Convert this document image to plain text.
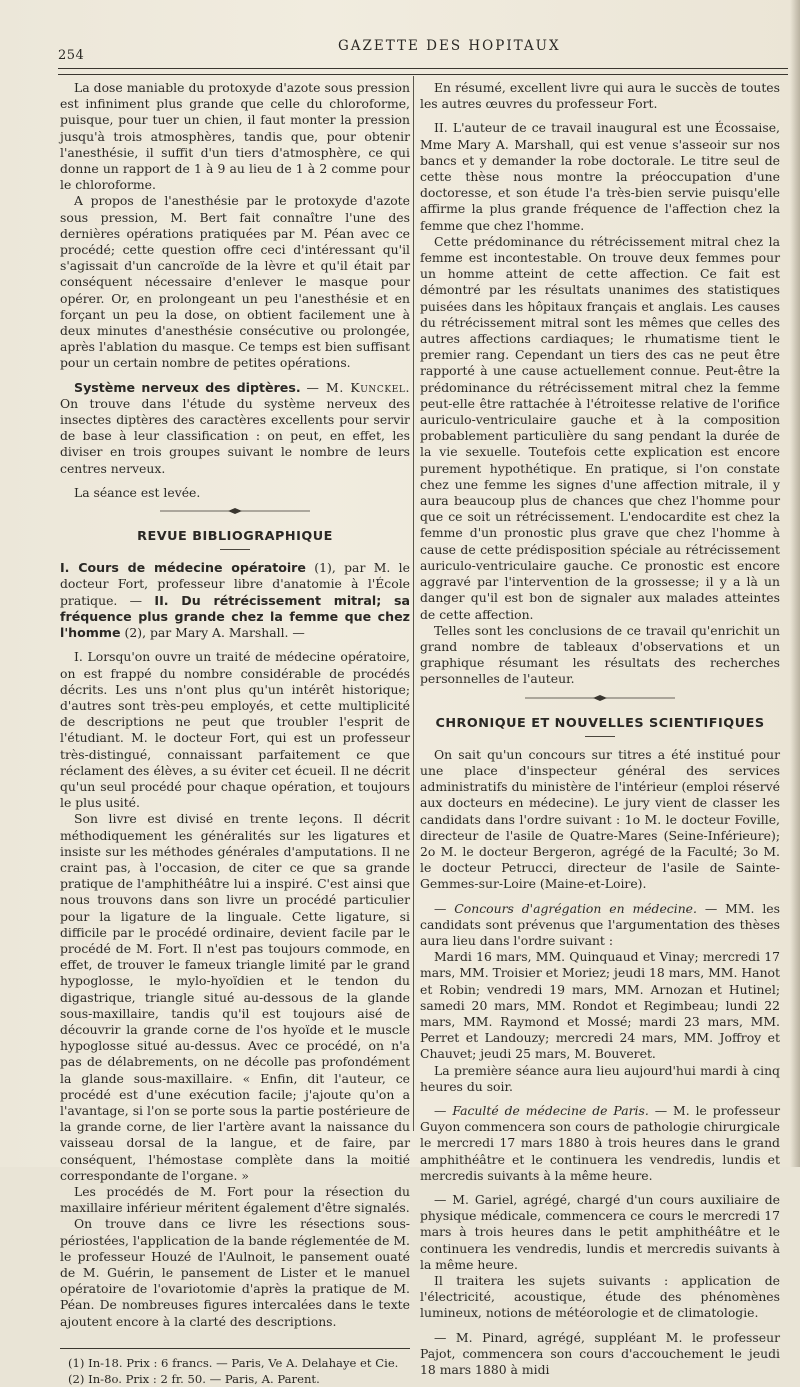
254
GAZETTE DES HOPITAUX

La dose maniable du protoxyde d'azote sous pression est infiniment plus grande que celle du chloroforme, puisque, pour tuer un chien, il faut monter la pression jusqu'à trois atmosphères, tandis que, pour obtenir l'anesthésie, il suffit d'un tiers d'atmosphère, ce qui donne un rapport de 1 à 9 au lieu de 1 à 2 comme pour le chloroforme.

A propos de l'anesthésie par le protoxyde d'azote sous pression, M. Bert fait connaître l'une des dernières opérations pratiquées par M. Péan avec ce procédé; cette question offre ceci d'intéressant qu'il s'agissait d'un cancroïde de la lèvre et qu'il était par conséquent nécessaire d'enlever le masque pour opérer. Or, en prolongeant un peu l'anesthésie et en forçant un peu la dose, on obtient facilement une à deux minutes d'anesthésie consécutive ou prolongée, après l'ablation du masque. Ce temps est bien suffisant pour un certain nombre de petites opérations.

Système nerveux des diptères. — M. Kunckel. On trouve dans l'étude du système nerveux des insectes diptères des caractères excellents pour servir de base à leur classification : on peut, en effet, les diviser en trois groupes suivant le nombre de leurs centres nerveux.

La séance est levée.

REVUE BIBLIOGRAPHIQUE

I. Cours de médecine opératoire (1), par M. le docteur Fort, professeur libre d'anatomie à l'École pratique. — II. Du rétrécissement mitral; sa fréquence plus grande chez la femme que chez l'homme (2), par Mary A. Marshall. —

I. Lorsqu'on ouvre un traité de médecine opératoire, on est frappé du nombre considérable de procédés décrits. Les uns n'ont plus qu'un intérêt historique; d'autres sont très-peu employés, et cette multiplicité de descriptions ne peut que troubler l'esprit de l'étudiant. M. le docteur Fort, qui est un professeur très-distingué, connaissant parfaitement ce que réclament des élèves, a su éviter cet écueil. Il ne décrit qu'un seul procédé pour chaque opération, et toujours le plus usité.

Son livre est divisé en trente leçons. Il décrit méthodiquement les généralités sur les ligatures et insiste sur les méthodes générales d'amputations. Il ne craint pas, à l'occasion, de citer ce que sa grande pratique de l'amphithéâtre lui a inspiré. C'est ainsi que nous trouvons dans son livre un procédé particulier pour la ligature de la linguale. Cette ligature, si difficile par le procédé ordinaire, devient facile par le procédé de M. Fort. Il n'est pas toujours commode, en effet, de trouver le fameux triangle limité par le grand hypoglosse, le mylo-hyoïdien et le tendon du digastrique, triangle situé au-dessous de la glande sous-maxillaire, tandis qu'il est toujours aisé de découvrir la grande corne de l'os hyoïde et le muscle hypoglosse situé au-dessus. Avec ce procédé, on n'a pas de délabrements, on ne décolle pas profondément la glande sous-maxillaire. « Enfin, dit l'auteur, ce procédé est d'une exécution facile; j'ajoute qu'on a l'avantage, si l'on se porte sous la partie postérieure de la grande corne, de lier l'artère avant la naissance du vaisseau dorsal de la langue, et de faire, par conséquent, l'hémostase complète dans la moitié correspondante de l'organe. »

Les procédés de M. Fort pour la résection du maxillaire inférieur méritent également d'être signalés.

On trouve dans ce livre les résections sous-périostées, l'application de la bande réglementée de M. le professeur Houzé de l'Aulnoit, le pansement ouaté de M. Guérin, le pansement de Lister et le manuel opératoire de l'ovariotomie d'après la pratique de M. Péan. De nombreuses figures intercalées dans le texte ajoutent encore à la clarté des descriptions.

(1) In-18. Prix : 6 francs. — Paris, Ve A. Delahaye et Cie.

(2) In-8o. Prix : 2 fr. 50. — Paris, A. Parent.

En résumé, excellent livre qui aura le succès de toutes les autres œuvres du professeur Fort.

II. L'auteur de ce travail inaugural est une Écossaise, Mme Mary A. Marshall, qui est venue s'asseoir sur nos bancs et y demander la robe doctorale. Le titre seul de cette thèse nous montre la préoccupation d'une doctoresse, et son étude l'a très-bien servie puisqu'elle affirme la plus grande fréquence de l'affection chez la femme que chez l'homme.

Cette prédominance du rétrécissement mitral chez la femme est incontestable. On trouve deux femmes pour un homme atteint de cette affection. Ce fait est démontré par les résultats unanimes des statistiques puisées dans les hôpitaux français et anglais. Les causes du rétrécissement mitral sont les mêmes que celles des autres affections cardiaques; le rhumatisme tient le premier rang. Cependant un tiers des cas ne peut être rapporté à une cause actuellement connue. Peut-être la prédominance du rétrécissement mitral chez la femme peut-elle être rattachée à l'étroitesse relative de l'orifice auriculo-ventriculaire gauche et à la composition probablement particulière du sang pendant la durée de la vie sexuelle. Toutefois cette explication est encore purement hypothétique. En pratique, si l'on constate chez une femme les signes d'une affection mitrale, il y aura beaucoup plus de chances que chez l'homme pour que ce soit un rétrécissement. L'endocardite est chez la femme d'un pronostic plus grave que chez l'homme à cause de cette prédisposition spéciale au rétrécissement auriculo-ventriculaire gauche. Ce pronostic est encore aggravé par l'intervention de la grossesse; il y a là un danger qu'il est bon de signaler aux malades atteintes de cette affection.

Telles sont les conclusions de ce travail qu'enrichit un grand nombre de tableaux d'observations et un graphique résumant les résultats des recherches personnelles de l'auteur.

CHRONIQUE ET NOUVELLES SCIENTIFIQUES

On sait qu'un concours sur titres a été institué pour une place d'inspecteur général des services administratifs du ministère de l'intérieur (emploi réservé aux docteurs en médecine). Le jury vient de classer les candidats dans l'ordre suivant : 1o M. le docteur Foville, directeur de l'asile de Quatre-Mares (Seine-Inférieure); 2o M. le docteur Bergeron, agrégé de la Faculté; 3o M. le docteur Petrucci, directeur de l'asile de Sainte-Gemmes-sur-Loire (Maine-et-Loire).

— Concours d'agrégation en médecine. — MM. les candidats sont prévenus que l'argumentation des thèses aura lieu dans l'ordre suivant :

Mardi 16 mars, MM. Quinquaud et Vinay; mercredi 17 mars, MM. Troisier et Moriez; jeudi 18 mars, MM. Hanot et Robin; vendredi 19 mars, MM. Arnozan et Hutinel; samedi 20 mars, MM. Rondot et Regimbeau; lundi 22 mars, MM. Raymond et Mossé; mardi 23 mars, MM. Perret et Landouzy; mercredi 24 mars, MM. Joffroy et Chauvet; jeudi 25 mars, M. Bouveret.

La première séance aura lieu aujourd'hui mardi à cinq heures du soir.

— Faculté de médecine de Paris. — M. le professeur Guyon commencera son cours de pathologie chirurgicale le mercredi 17 mars 1880 à trois heures dans le grand amphithéâtre et le continuera les vendredis, lundis et mercredis suivants à la même heure.

— M. Gariel, agrégé, chargé d'un cours auxiliaire de physique médicale, commencera ce cours le mercredi 17 mars à trois heures dans le petit amphithéâtre et le continuera les vendredis, lundis et mercredis suivants à la même heure.

Il traitera les sujets suivants : application de l'électricité, acoustique, étude des phénomènes lumineux, notions de météorologie et de climatologie.

— M. Pinard, agrégé, suppléant M. le professeur Pajot, commencera son cours d'accouchement le jeudi 18 mars 1880 à midi
